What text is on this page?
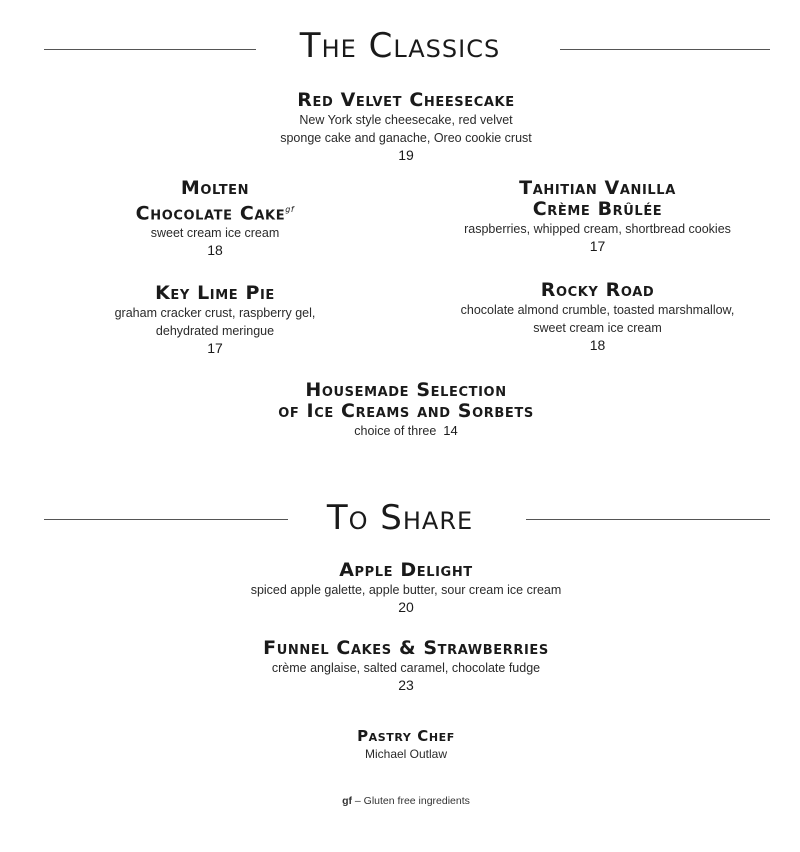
The Classics
Red Velvet Cheesecake
New York style cheesecake, red velvet
sponge cake and ganache, Oreo cookie crust
19
Molten
Chocolate Cake$^{gf}$
sweet cream ice cream
18
Tahitian Vanilla
Crème Brûlée
raspberries, whipped cream, shortbread cookies
17
Key Lime Pie
graham cracker crust, raspberry gel,
dehydrated meringue
17
Rocky Road
chocolate almond crumble, toasted marshmallow,
sweet cream ice cream
18
Housemade Selection
of Ice Creams and Sorbets
choice of three 14
To Share
Apple Delight
spiced apple galette, apple butter, sour cream ice cream
20
Funnel Cakes & Strawberries
crème anglaise, salted caramel, chocolate fudge
23
Pastry Chef
Michael Outlaw
gf – Gluten free ingredients
